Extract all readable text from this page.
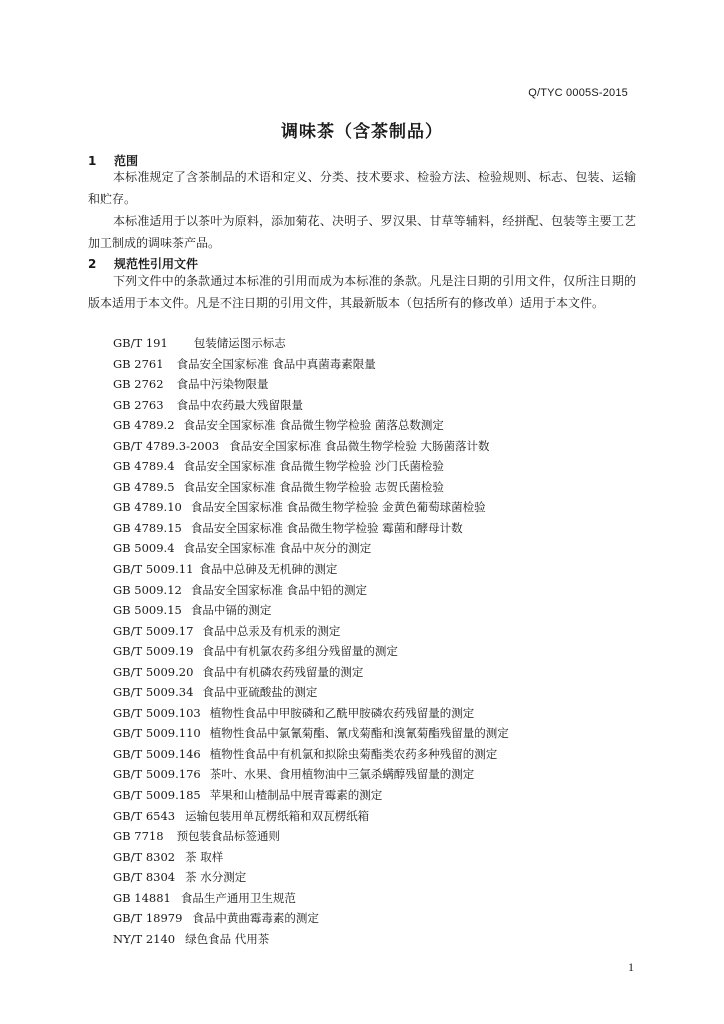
Q/TYC 0005S-2015
调味茶（含茶制品）
1 范围
本标准规定了含茶制品的术语和定义、分类、技术要求、检验方法、检验规则、标志、包装、运输和贮存。
本标准适用于以茶叶为原料，添加菊花、决明子、罗汉果、甘草等辅料，经拼配、包装等主要工艺加工制成的调味茶产品。
2 规范性引用文件
下列文件中的条款通过本标准的引用而成为本标准的条款。凡是注日期的引用文件，仅所注日期的版本适用于本文件。凡是不注日期的引用文件，其最新版本（包括所有的修改单）适用于本文件。
GB/T 191 包装储运图示标志
GB 2761 食品安全国家标准 食品中真菌毒素限量
GB 2762 食品中污染物限量
GB 2763 食品中农药最大残留限量
GB 4789.2 食品安全国家标准 食品微生物学检验 菌落总数测定
GB/T 4789.3-2003 食品安全国家标准 食品微生物学检验 大肠菌落计数
GB 4789.4 食品安全国家标准 食品微生物学检验 沙门氏菌检验
GB 4789.5 食品安全国家标准 食品微生物学检验 志贺氏菌检验
GB 4789.10 食品安全国家标准 食品微生物学检验 金黄色葡萄球菌检验
GB 4789.15 食品安全国家标准 食品微生物学检验 霉菌和酵母计数
GB 5009.4 食品安全国家标准 食品中灰分的测定
GB/T 5009.11 食品中总砷及无机砷的测定
GB 5009.12 食品安全国家标准 食品中铅的测定
GB 5009.15 食品中镉的测定
GB/T 5009.17 食品中总汞及有机汞的测定
GB/T 5009.19 食品中有机氯农药多组分残留量的测定
GB/T 5009.20 食品中有机磷农药残留量的测定
GB/T 5009.34 食品中亚硫酸盐的测定
GB/T 5009.103 植物性食品中甲胺磷和乙酰甲胺磷农药残留量的测定
GB/T 5009.110 植物性食品中氯氰菊酯、氰戊菊酯和溴氰菊酯残留量的测定
GB/T 5009.146 植物性食品中有机氯和拟除虫菊酯类农药多种残留的测定
GB/T 5009.176 茶叶、水果、食用植物油中三氯杀螨醇残留量的测定
GB/T 5009.185 苹果和山楂制品中展青霉素的测定
GB/T 6543 运输包装用单瓦楞纸箱和双瓦楞纸箱
GB 7718 预包装食品标签通则
GB/T 8302 茶 取样
GB/T 8304 茶 水分测定
GB 14881 食品生产通用卫生规范
GB/T 18979 食品中黄曲霉毒素的测定
NY/T 2140 绿色食品 代用茶
1
